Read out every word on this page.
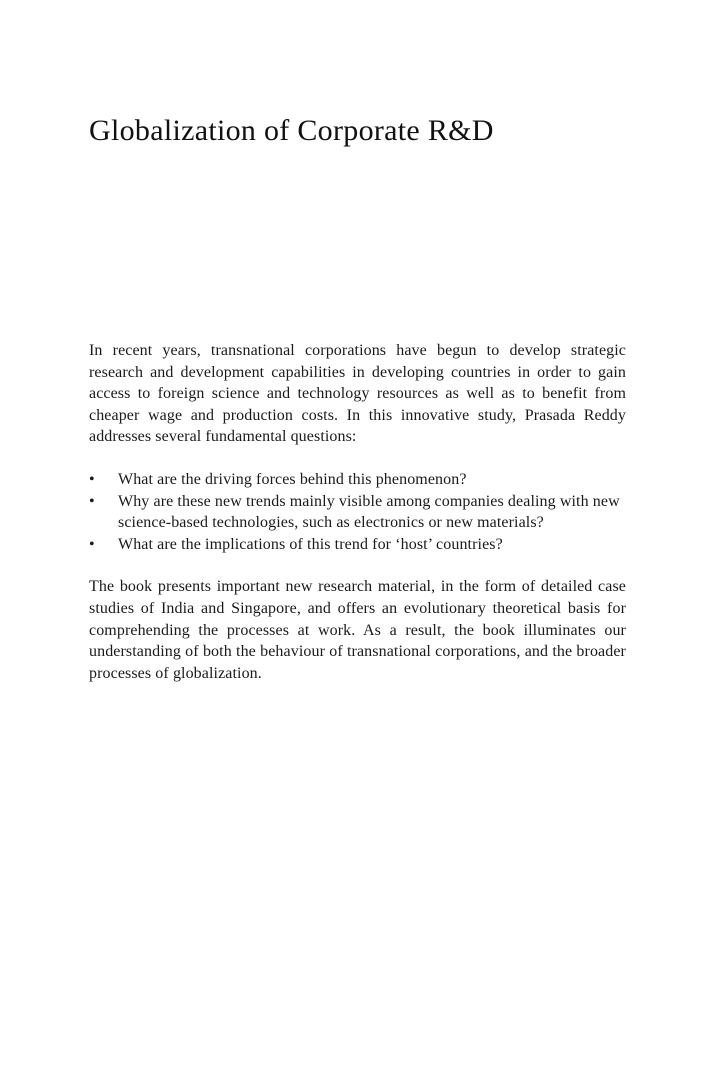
Globalization of Corporate R&D

In recent years, transnational corporations have begun to develop strategic research and development capabilities in developing countries in order to gain access to foreign science and technology resources as well as to benefit from cheaper wage and production costs. In this innovative study, Prasada Reddy addresses several fundamental questions:

• What are the driving forces behind this phenomenon?
• Why are these new trends mainly visible among companies dealing with new science-based technologies, such as electronics or new materials?
• What are the implications of this trend for ‘host’ countries?

The book presents important new research material, in the form of detailed case studies of India and Singapore, and offers an evolutionary theoretical basis for comprehending the processes at work. As a result, the book illuminates our understanding of both the behaviour of transnational corporations, and the broader processes of globalization.
